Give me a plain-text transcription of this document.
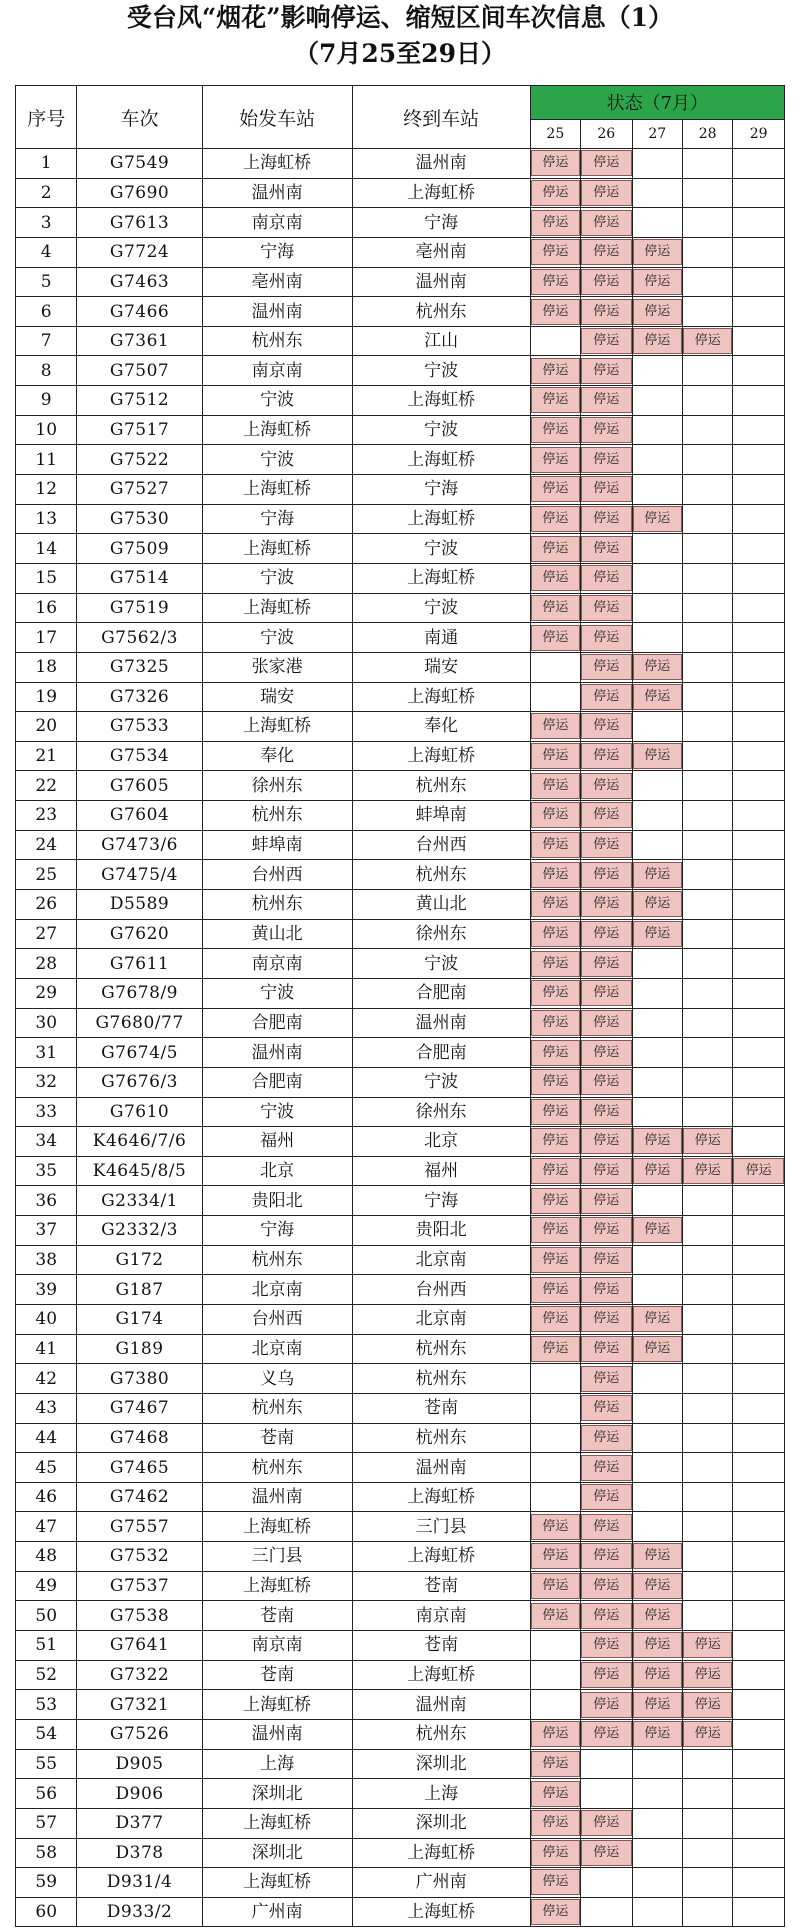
受台风“烟花”影响停运、缩短区间车次信息（1）
（7月25至29日）
序号	车次	始发车站	终到车站	状态（7月）				
				25	26	27	28	29
1	G7549	上海虹桥	温州南	停运	停运			

2	G7690	温州南	上海虹桥	停运	停运			

3	G7613	南京南	宁海	停运	停运			

4	G7724	宁海	亳州南	停运	停运	停运		

5	G7463	亳州南	温州南	停运	停运	停运		

6	G7466	温州南	杭州东	停运	停运	停运		

7	G7361	杭州东	江山		停运	停运	停运	

8	G7507	南京南	宁波	停运	停运			

9	G7512	宁波	上海虹桥	停运	停运			

10	G7517	上海虹桥	宁波	停运	停运			

11	G7522	宁波	上海虹桥	停运	停运			

12	G7527	上海虹桥	宁海	停运	停运			

13	G7530	宁海	上海虹桥	停运	停运	停运		

14	G7509	上海虹桥	宁波	停运	停运			

15	G7514	宁波	上海虹桥	停运	停运			

16	G7519	上海虹桥	宁波	停运	停运			

17	G7562/3	宁波	南通	停运	停运			

18	G7325	张家港	瑞安		停运	停运		

19	G7326	瑞安	上海虹桥		停运	停运		

20	G7533	上海虹桥	奉化	停运	停运			

21	G7534	奉化	上海虹桥	停运	停运	停运		

22	G7605	徐州东	杭州东	停运	停运			

23	G7604	杭州东	蚌埠南	停运	停运			

24	G7473/6	蚌埠南	台州西	停运	停运			

25	G7475/4	台州西	杭州东	停运	停运	停运		

26	D5589	杭州东	黄山北	停运	停运	停运		

27	G7620	黄山北	徐州东	停运	停运	停运		

28	G7611	南京南	宁波	停运	停运			

29	G7678/9	宁波	合肥南	停运	停运			

30	G7680/77	合肥南	温州南	停运	停运			

31	G7674/5	温州南	合肥南	停运	停运			

32	G7676/3	合肥南	宁波	停运	停运			

33	G7610	宁波	徐州东	停运	停运			

34	K4646/7/6	福州	北京	停运	停运	停运	停运	

35	K4645/8/5	北京	福州	停运	停运	停运	停运	停运

36	G2334/1	贵阳北	宁海	停运	停运			

37	G2332/3	宁海	贵阳北	停运	停运	停运		

38	G172	杭州东	北京南	停运	停运			

39	G187	北京南	台州西	停运	停运			

40	G174	台州西	北京南	停运	停运	停运		

41	G189	北京南	杭州东	停运	停运	停运		

42	G7380	义乌	杭州东		停运			

43	G7467	杭州东	苍南		停运			

44	G7468	苍南	杭州东		停运			

45	G7465	杭州东	温州南		停运			

46	G7462	温州南	上海虹桥		停运			

47	G7557	上海虹桥	三门县	停运	停运			

48	G7532	三门县	上海虹桥	停运	停运	停运		

49	G7537	上海虹桥	苍南	停运	停运	停运		

50	G7538	苍南	南京南	停运	停运	停运		

51	G7641	南京南	苍南		停运	停运	停运	

52	G7322	苍南	上海虹桥		停运	停运	停运	

53	G7321	上海虹桥	温州南		停运	停运	停运	

54	G7526	温州南	杭州东	停运	停运	停运	停运	

55	D905	上海	深圳北	停运				

56	D906	深圳北	上海	停运				

57	D377	上海虹桥	深圳北	停运	停运			

58	D378	深圳北	上海虹桥	停运	停运			

59	D931/4	上海虹桥	广州南	停运				

60	D933/2	广州南	上海虹桥	停运				
